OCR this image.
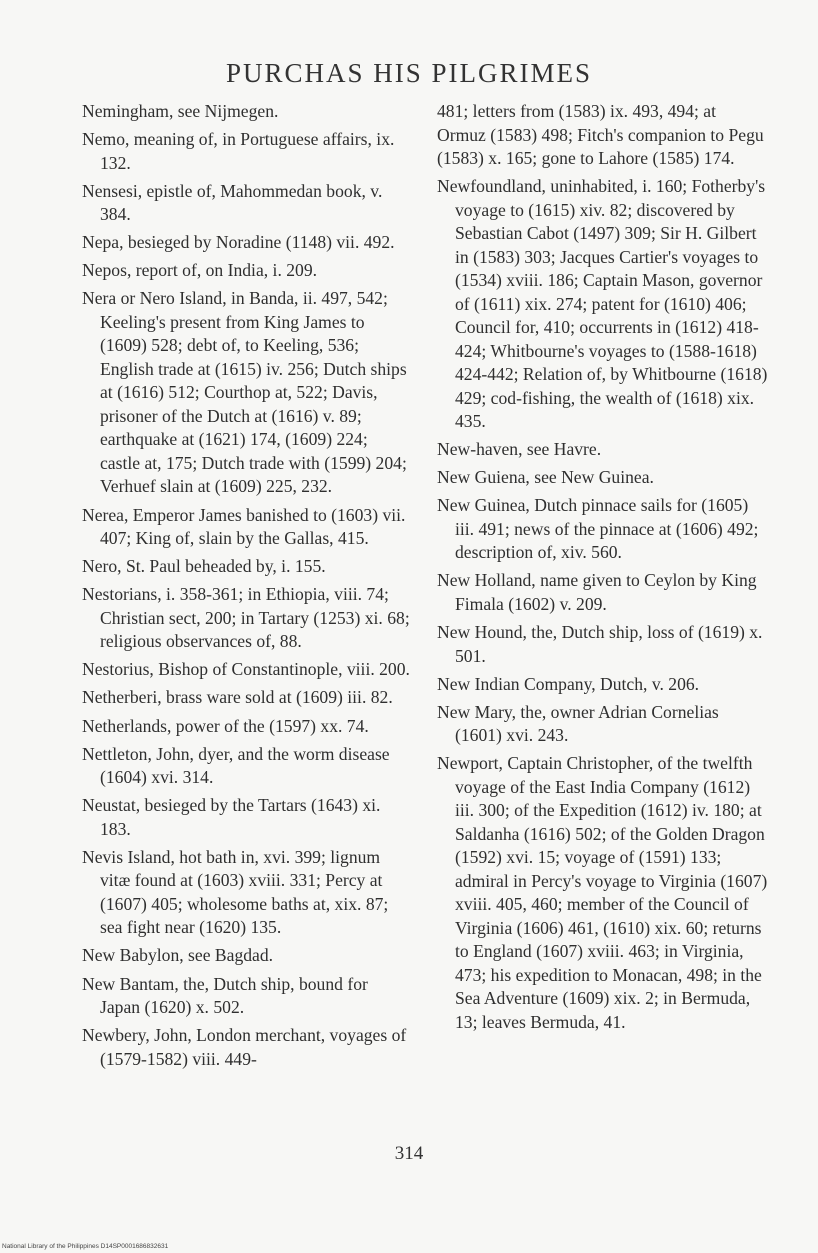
PURCHAS HIS PILGRIMES
Nemingham, see Nijmegen.
Nemo, meaning of, in Portuguese affairs, ix. 132.
Nensesi, epistle of, Mahommedan book, v. 384.
Nepa, besieged by Noradine (1148) vii. 492.
Nepos, report of, on India, i. 209.
Nera or Nero Island, in Banda, ii. 497, 542; Keeling's present from King James to (1609) 528; debt of, to Keeling, 536; English trade at (1615) iv. 256; Dutch ships at (1616) 512; Courthop at, 522; Davis, prisoner of the Dutch at (1616) v. 89; earthquake at (1621) 174, (1609) 224; castle at, 175; Dutch trade with (1599) 204; Verhuef slain at (1609) 225, 232.
Nerea, Emperor James banished to (1603) vii. 407; King of, slain by the Gallas, 415.
Nero, St. Paul beheaded by, i. 155.
Nestorians, i. 358-361; in Ethiopia, viii. 74; Christian sect, 200; in Tartary (1253) xi. 68; religious observances of, 88.
Nestorius, Bishop of Constantinople, viii. 200.
Netherberi, brass ware sold at (1609) iii. 82.
Netherlands, power of the (1597) xx. 74.
Nettleton, John, dyer, and the worm disease (1604) xvi. 314.
Neustat, besieged by the Tartars (1643) xi. 183.
Nevis Island, hot bath in, xvi. 399; lignum vitæ found at (1603) xviii. 331; Percy at (1607) 405; wholesome baths at, xix. 87; sea fight near (1620) 135.
New Babylon, see Bagdad.
New Bantam, the, Dutch ship, bound for Japan (1620) x. 502.
Newbery, John, London merchant, voyages of (1579-1582) viii. 449-
481; letters from (1583) ix. 493, 494; at Ormuz (1583) 498; Fitch's companion to Pegu (1583) x. 165; gone to Lahore (1585) 174.
Newfoundland, uninhabited, i. 160; Fotherby's voyage to (1615) xiv. 82; discovered by Sebastian Cabot (1497) 309; Sir H. Gilbert in (1583) 303; Jacques Cartier's voyages to (1534) xviii. 186; Captain Mason, governor of (1611) xix. 274; patent for (1610) 406; Council for, 410; occurrents in (1612) 418-424; Whitbourne's voyages to (1588-1618) 424-442; Relation of, by Whitbourne (1618) 429; cod-fishing, the wealth of (1618) xix. 435.
New-haven, see Havre.
New Guiena, see New Guinea.
New Guinea, Dutch pinnace sails for (1605) iii. 491; news of the pinnace at (1606) 492; description of, xiv. 560.
New Holland, name given to Ceylon by King Fimala (1602) v. 209.
New Hound, the, Dutch ship, loss of (1619) x. 501.
New Indian Company, Dutch, v. 206.
New Mary, the, owner Adrian Cornelias (1601) xvi. 243.
Newport, Captain Christopher, of the twelfth voyage of the East India Company (1612) iii. 300; of the Expedition (1612) iv. 180; at Saldanha (1616) 502; of the Golden Dragon (1592) xvi. 15; voyage of (1591) 133; admiral in Percy's voyage to Virginia (1607) xviii. 405, 460; member of the Council of Virginia (1606) 461, (1610) xix. 60; returns to England (1607) xviii. 463; in Virginia, 473; his expedition to Monacan, 498; in the Sea Adventure (1609) xix. 2; in Bermuda, 13; leaves Bermuda, 41.
314
National Library of the Philippines D14SP0001686832631
